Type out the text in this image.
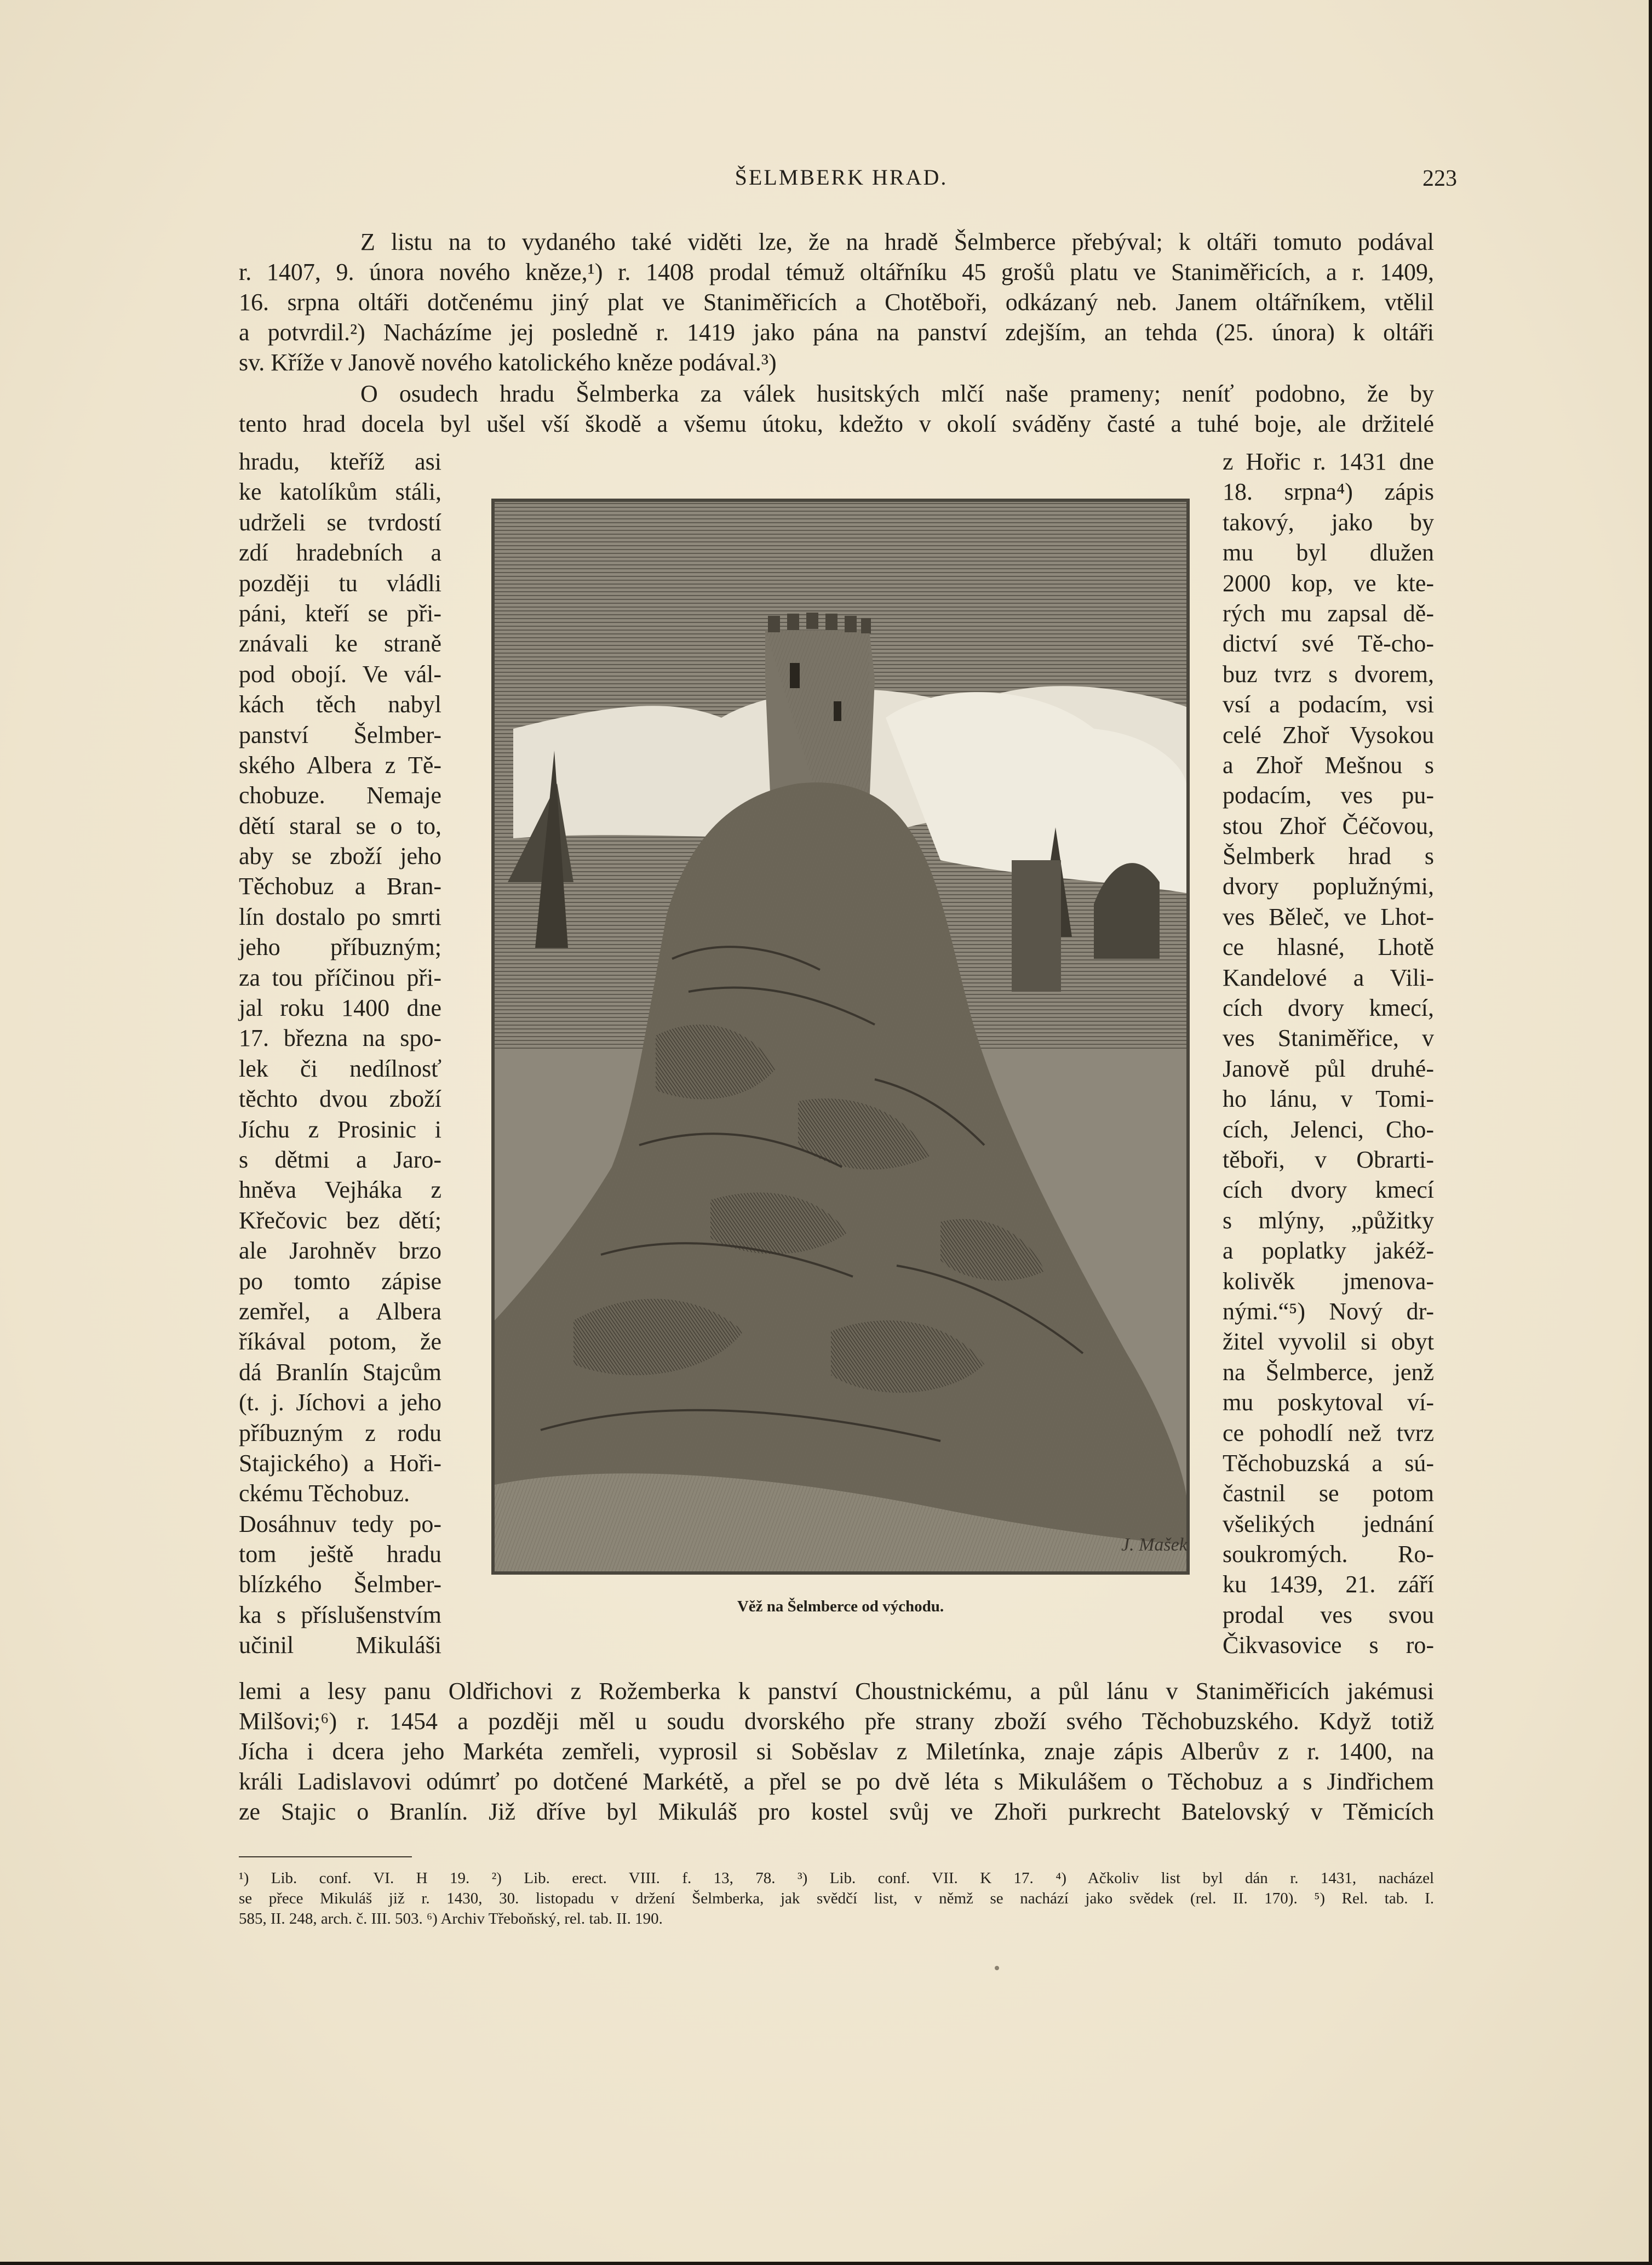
ŠELMBERK HRAD.	223
Z listu na to vydaného také viděti lze, že na hradě Šelmberce přebýval; k oltáři tomuto podával
r. 1407, 9. února nového kněze,¹) r. 1408 prodal témuž oltářníku 45 grošů platu ve Staniměřicích, a r. 1409,
16. srpna oltáři dotčenému jiný plat ve Staniměřicích a Chotěboři, odkázaný neb. Janem oltářníkem, vtělil
a potvrdil.²) Nacházíme jej posledně r. 1419 jako pána na panství zdejším, an tehda (25. února) k oltáři
sv. Kříže v Janově nového katolického kněze podával.³)
O osudech hradu Šelmberka za válek husitských mlčí naše prameny; neníť podobno, že by
tento hrad docela byl ušel vší škodě a všemu útoku, kdežto v okolí sváděny časté a tuhé boje, ale držitelé
hradu, kteříž asi
ke katolíkům stáli,
udrželi se tvrdostí
zdí hradebních a
později tu vládli
páni, kteří se při-
znávali ke straně
pod obojí. Ve vál-
kách těch nabyl
panství Šelmber-
ského Albera z Tě-
chobuze. Nemaje
dětí staral se o to,
aby se zboží jeho
Těchobuz a Bran-
lín dostalo po smrti
jeho příbuzným;
za tou příčinou při-
jal roku 1400 dne
17. března na spo-
lek či nedílnosť
těchto dvou zboží
Jíchu z Prosinic i
s dětmi a Jaro-
hněva Vejháka z
Křečovic bez dětí;
ale Jarohněv brzo
po tomto zápise
zemřel, a Albera
říkával potom, že
dá Branlín Stajcům
(t. j. Jíchovi a jeho
příbuzným z rodu
Stajického) a Hoři-
ckému Těchobuz.
Dosáhnuv tedy po-
tom ještě hradu
blízkého Šelmber-
ka s příslušenstvím
učinil Mikuláši
J. Mašek
Věž na Šelmberce od východu.
z Hořic r. 1431 dne
18. srpna⁴) zápis
takový, jako by
mu byl dlužen
2000 kop, ve kte-
rých mu zapsal dě-
dictví své Tě-cho-
buz tvrz s dvorem,
vsí a podacím, vsi
celé Zhoř Vysokou
a Zhoř Mešnou s
podacím, ves pu-
stou Zhoř Čéčovou,
Šelmberk hrad s
dvory poplužnými,
ves Běleč, ve Lhot-
ce hlasné, Lhotě
Kandelové a Vili-
cích dvory kmecí,
ves Staniměřice, v
Janově půl druhé-
ho lánu, v Tomi-
cích, Jelenci, Cho-
těboři, v Obrarti-
cích dvory kmecí
s mlýny, „půžitky
a poplatky jakéž-
kolivěk jmenova-
nými.“⁵) Nový dr-
žitel vyvolil si obyt
na Šelmberce, jenž
mu poskytoval ví-
ce pohodlí než tvrz
Těchobuzská a sú-
častnil se potom
všelikých jednání
soukromých. Ro-
ku 1439, 21. září
prodal ves svou
Čikvasovice s ro-
lemi a lesy panu Oldřichovi z Rožemberka k panství Choustnickému, a půl lánu v Staniměřicích jakémusi
Milšovi;⁶) r. 1454 a později měl u soudu dvorského pře strany zboží svého Těchobuzského. Když totiž
Jícha i dcera jeho Markéta zemřeli, vyprosil si Soběslav z Miletínka, znaje zápis Alberův z r. 1400, na
králi Ladislavovi odúmrť po dotčené Markétě, a přel se po dvě léta s Mikulášem o Těchobuz a s Jindřichem
ze Stajic o Branlín. Již dříve byl Mikuláš pro kostel svůj ve Zhoři purkrecht Batelovský v Těmicích
¹) Lib. conf. VI. H 19. ²) Lib. erect. VIII. f. 13, 78. ³) Lib. conf. VII. K 17. ⁴) Ačkoliv list byl dán r. 1431, nacházel
se přece Mikuláš již r. 1430, 30. listopadu v držení Šelmberka, jak svědčí list, v němž se nachází jako svědek (rel. II. 170). ⁵) Rel. tab. I.
585, II. 248, arch. č. III. 503. ⁶) Archiv Třeboňský, rel. tab. II. 190.
